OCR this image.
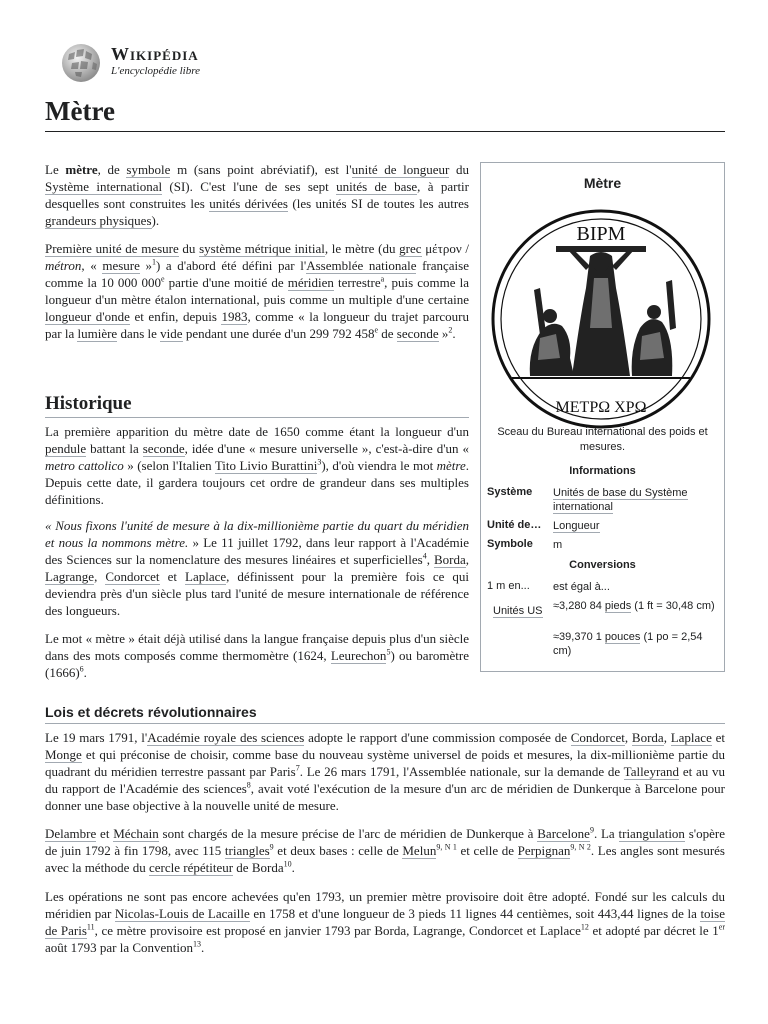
Wikipédia
L'encyclopédie libre
Mètre

Le mètre, de symbole m (sans point abréviatif), est l'unité de longueur du Système international (SI). C'est l'une de ses sept unités de base, à partir desquelles sont construites les unités dérivées (les unités SI de toutes les autres grandeurs physiques).

Première unité de mesure du système métrique initial, le mètre (du grec μέτρον / métron, « mesure »$^1$) a d'abord été défini par l'Assemblée nationale française comme la 10 000 000e partie d'une moitié de méridien terrestre$^a$, puis comme la longueur d'un mètre étalon international, puis comme un multiple d'une certaine longueur d'onde et enfin, depuis 1983, comme « la longueur du trajet parcouru par la lumière dans le vide pendant une durée d'un 299 792 458e de seconde »$^2$.

Historique

La première apparition du mètre date de 1650 comme étant la longueur d'un pendule battant la seconde, idée d'une « mesure universelle », c'est-à-dire d'un « metro cattolico » (selon l'Italien Tito Livio Burattini$^3$), d'où viendra le mot mètre. Depuis cette date, il gardera toujours cet ordre de grandeur dans ses multiples définitions.

« Nous fixons l'unité de mesure à la dix-millionième partie du quart du méridien et nous la nommons mètre. » Le 11 juillet 1792, dans leur rapport à l'Académie des Sciences sur la nomenclature des mesures linéaires et superficielles$^4$, Borda, Lagrange, Condorcet et Laplace, définissent pour la première fois ce qui deviendra près d'un siècle plus tard l'unité de mesure internationale de référence des longueurs.

Le mot « mètre » était déjà utilisé dans la langue française depuis plus d'un siècle dans des mots composés comme thermomètre (1624, Leurechon$^5$) ou baromètre $(1666)^6$.

Lois et décrets révolutionnaires

Le 19 mars 1791, l'Académie royale des sciences adopte le rapport d'une commission composée de Condorcet, Borda, Laplace et Monge et qui préconise de choisir, comme base du nouveau système universel de poids et mesures, la dix-millionième partie du quadrant du méridien terrestre passant par Paris$^7$. Le 26 mars 1791, l'Assemblée nationale, sur la demande de Talleyrand et au vu du rapport de l'Académie des sciences$^8$, avait voté l'exécution de la mesure d'un arc de méridien de Dunkerque à Barcelone pour donner une base objective à la nouvelle unité de mesure.

Delambre et Méchain sont chargés de la mesure précise de l'arc de méridien de Dunkerque à Barcelone$^9$. La triangulation s'opère de juin 1792 à fin 1798, avec 115 triangles$^9$ et deux bases : celle de Melun$^{9, N 1}$ et celle de Perpignan$^{9, N 2}$. Les angles sont mesurés avec la méthode du cercle répétiteur de Borda$^{10}$.

Les opérations ne sont pas encore achevées qu'en 1793, un premier mètre provisoire doit être adopté. Fondé sur les calculs du méridien par Nicolas-Louis de Lacaille en 1758 et d'une longueur de 3 pieds 11 lignes 44 centièmes, soit 443,44 lignes de la toise de Paris$^{11}$, ce mètre provisoire est proposé en janvier 1793 par Borda, Lagrange, Condorcet et Laplace$^{12}$ et adopté par décret le 1er août 1793 par la Convention$^{13}$.

Mètre
BIPM
ΜΕΤΡΩ ΧΡΩ
Sceau du Bureau international des poids et mesures.
Informations
Système Unités de base du Système international
Unité de… Longueur
Symbole m
Conversions
1 m en... est égal à...
Unités US ≈3,280 84 pieds (1 ft = 30,48 cm)
≈39,370 1 pouces (1 po = 2,54 cm)
